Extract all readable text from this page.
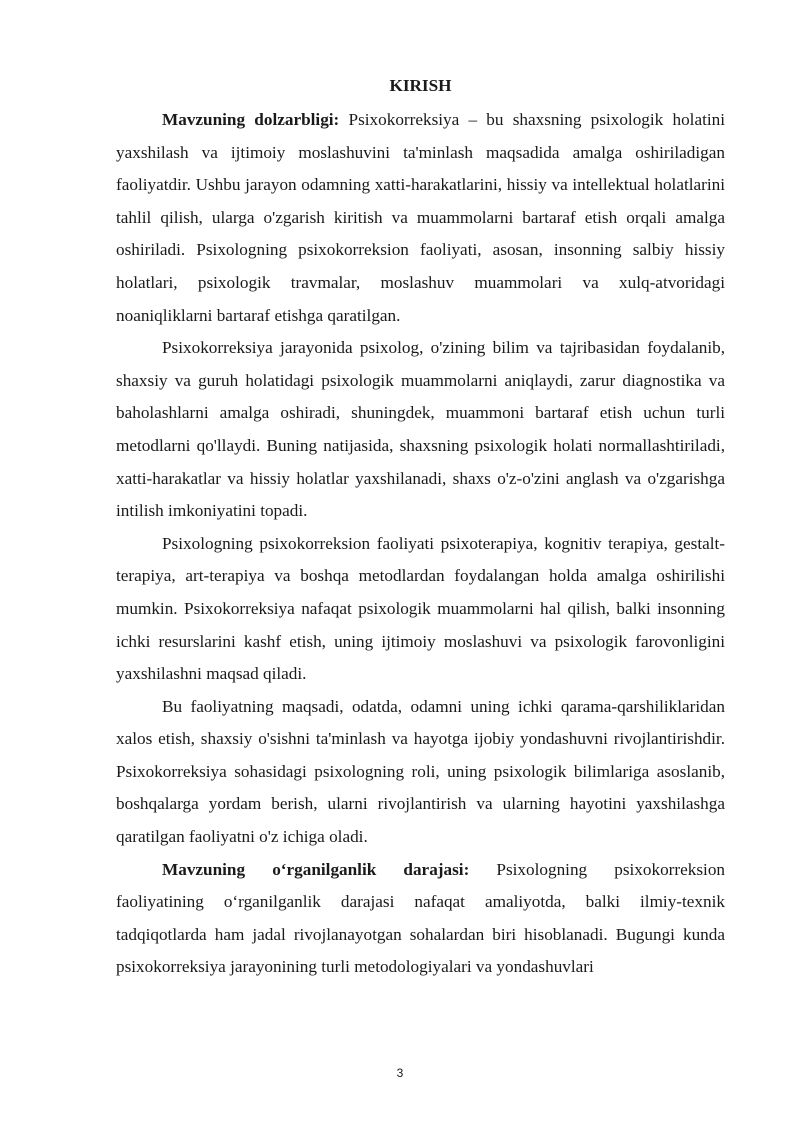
KIRISH

Mavzuning dolzarbligi: Psixokorreksiya – bu shaxsning psixologik holatini yaxshilash va ijtimoiy moslashuvini ta'minlash maqsadida amalga oshiriladigan faoliyatdir. Ushbu jarayon odamning xatti-harakatlarini, hissiy va intellektual holatlarini tahlil qilish, ularga o'zgarish kiritish va muammolarni bartaraf etish orqali amalga oshiriladi. Psixologning psixokorreksion faoliyati, asosan, insonning salbiy hissiy holatlari, psixologik travmalar, moslashuv muammolari va xulq-atvoridagi noaniqliklarni bartaraf etishga qaratilgan.

Psixokorreksiya jarayonida psixolog, o'zining bilim va tajribasidan foydalanib, shaxsiy va guruh holatidagi psixologik muammolarni aniqlaydi, zarur diagnostika va baholashlarni amalga oshiradi, shuningdek, muammoni bartaraf etish uchun turli metodlarni qo'llaydi. Buning natijasida, shaxsning psixologik holati normallashtiriladi, xatti-harakatlar va hissiy holatlar yaxshilanadi, shaxs o'z-o'zini anglash va o'zgarishga intilish imkoniyatini topadi.

Psixologning psixokorreksion faoliyati psixoterapiya, kognitiv terapiya, gestalt-terapiya, art-terapiya va boshqa metodlardan foydalangan holda amalga oshirilishi mumkin. Psixokorreksiya nafaqat psixologik muammolarni hal qilish, balki insonning ichki resurslarini kashf etish, uning ijtimoiy moslashuvi va psixologik farovonligini yaxshilashni maqsad qiladi.

Bu faoliyatning maqsadi, odatda, odamni uning ichki qarama-qarshiliklaridan xalos etish, shaxsiy o'sishni ta'minlash va hayotga ijobiy yondashuvni rivojlantirishdir. Psixokorreksiya sohasidagi psixologning roli, uning psixologik bilimlariga asoslanib, boshqalarga yordam berish, ularni rivojlantirish va ularning hayotini yaxshilashga qaratilgan faoliyatni o'z ichiga oladi.

Mavzuning oʻrganilganlik darajasi: Psixologning psixokorreksion faoliyatining oʻrganilganlik darajasi nafaqat amaliyotda, balki ilmiy-texnik tadqiqotlarda ham jadal rivojlanayotgan sohalardan biri hisoblanadi. Bugungi kunda psixokorreksiya jarayonining turli metodologiyalari va yondashuvlari

3
